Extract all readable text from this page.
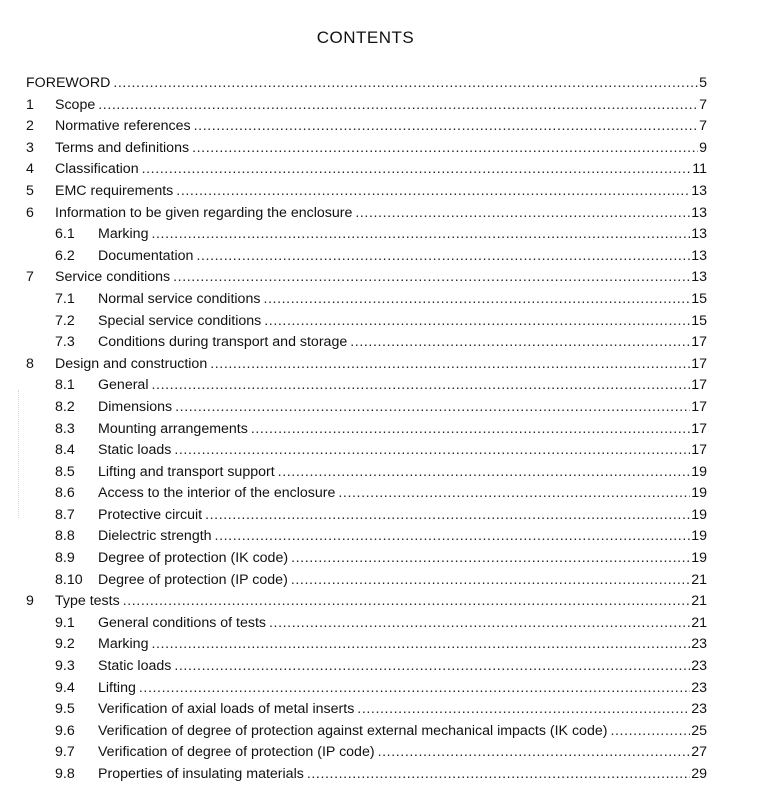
CONTENTS
FOREWORD .....	5
1	Scope .....	7
2	Normative references .....	7
3	Terms and definitions .....	9
4	Classification .....	11
5	EMC requirements .....	13
6	Information to be given regarding the enclosure .....	13
6.1	Marking .....	13
6.2	Documentation .....	13
7	Service conditions .....	13
7.1	Normal service conditions .....	15
7.2	Special service conditions .....	15
7.3	Conditions during transport and storage .....	17
8	Design and construction .....	17
8.1	General .....	17
8.2	Dimensions .....	17
8.3	Mounting arrangements .....	17
8.4	Static loads .....	17
8.5	Lifting and transport support .....	19
8.6	Access to the interior of the enclosure .....	19
8.7	Protective circuit .....	19
8.8	Dielectric strength .....	19
8.9	Degree of protection (IK code) .....	19
8.10	Degree of protection (IP code) .....	21
9	Type tests .....	21
9.1	General conditions of tests .....	21
9.2	Marking .....	23
9.3	Static loads .....	23
9.4	Lifting .....	23
9.5	Verification of axial loads of metal inserts .....	23
9.6	Verification of degree of protection against external mechanical impacts (IK code) .....	25
9.7	Verification of degree of protection (IP code) .....	27
9.8	Properties of insulating materials .....	29
